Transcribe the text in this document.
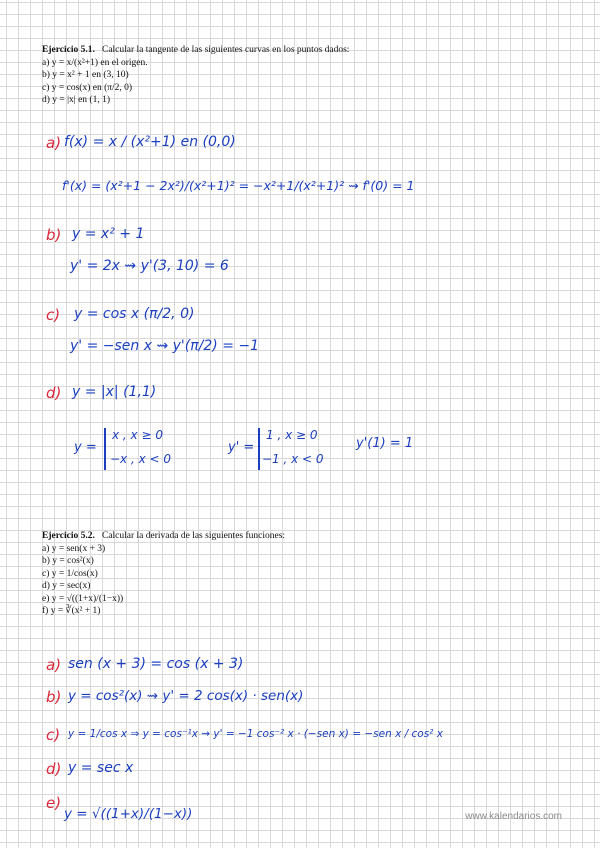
Ejercicio 5.1. Calcular la tangente de las siguientes curvas en los puntos dados:
a) y = x/(x²+1) en el origen.
b) y = x² + 1 en (3, 10)
c) y = cos(x) en (π/2, 0)
d) y = |x| en (1, 1)
a) f(x) = x / (x²+1) en (0,0)
f'(x) = (x²+1 − 2x²)/(x²+1)² = −x²+1/(x²+1)² ⇝ f'(0) = 1
b) y = x² + 1
y' = 2x ⇝ y'(3, 10) = 6
c) y = cos x (π/2, 0)
y' = −sen x ⇝ y'(π/2) = −1
d) y = |x| (1,1)
y =
x , x ≥ 0
−x , x < 0
y' =
1 , x ≥ 0
−1 , x < 0
y'(1) = 1
Ejercicio 5.2. Calcular la derivada de las siguientes funciones:
a) y = sen(x + 3)
b) y = cos²(x)
c) y = 1/cos(x)
d) y = sec(x)
e) y = √((1+x)/(1−x))
f) y = ∛(x² + 1)
a) sen (x + 3) = cos (x + 3)
b) y = cos²(x) ⇝ y' = 2 cos(x) · sen(x)
c) y = 1/cos x ⇒ y = cos⁻¹x ⇝ y' = −1 cos⁻² x · (−sen x) = −sen x / cos² x
d) y = sec x
e)
y = √((1+x)/(1−x))	www.kalendarios.com
